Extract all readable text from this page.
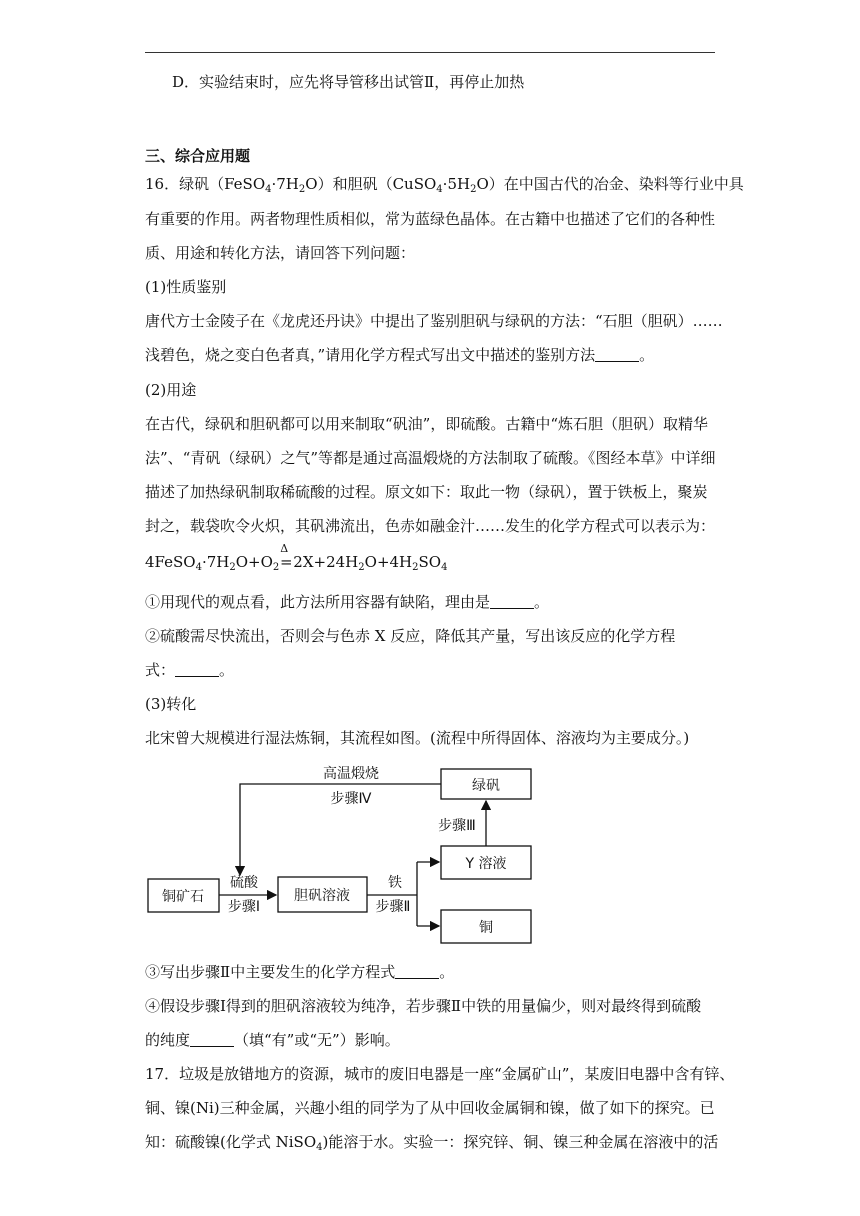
D．实验结束时，应先将导管移出试管Ⅱ，再停止加热
三、综合应用题
16．绿矾$(FeSO_4\cdot 7H_2O)$和胆矾$(CuSO_4\cdot 5H_2O)$在中国古代的冶金、染料等行业中具
有重要的作用。两者物理性质相似，常为蓝绿色晶体。在古籍中也描述了它们的各种性
质、用途和转化方法，请回答下列问题：
(1)性质鉴别
唐代方士金陵子在《龙虎还丹诀》中提出了鉴别胆矾与绿矾的方法：“石胆（胆矾）……
浅碧色，烧之变白色者真，”请用化学方程式写出文中描述的鉴别方法	。
(2)用途
在古代，绿矾和胆矾都可以用来制取“矾油”，即硫酸。古籍中“炼石胆（胆矾）取精华
法”、“青矾（绿矾）之气”等都是通过高温煅烧的方法制取了硫酸。《图经本草》中详细
描述了加热绿矾制取稀硫酸的过程。原文如下：取此一物（绿矾），置于铁板上，聚炭
封之，载袋吹令火炽，其矾沸流出，色赤如融金汁……发生的化学方程式可以表示为：
$4FeSO_4\cdot 7H_2O+O_2$
Δ
$=2X+24H_2O+4H_2SO_4$
①用现代的观点看，此方法所用容器有缺陷，理由是	。
②硫酸需尽快流出，否则会与色赤 X 反应，降低其产量，写出该反应的化学方程
式：	。
(3)转化
北宋曾大规模进行湿法炼铜，其流程如图。(流程中所得固体、溶液均为主要成分。)
铜矿石	胆矾溶液
Y 溶液
铜
绿矾
硫酸
步骤Ⅰ
铁
步骤Ⅱ
步骤Ⅲ
高温煅烧
步骤Ⅳ
③写出步骤Ⅱ中主要发生的化学方程式	。
④假设步骤Ⅰ得到的胆矾溶液较为纯净，若步骤Ⅱ中铁的用量偏少，则对最终得到硫酸
的纯度	（填“有”或“无”）影响。
17．垃圾是放错地方的资源，城市的废旧电器是一座“金属矿山”，某废旧电器中含有锌、
铜、镍(Ni)三种金属，兴趣小组的同学为了从中回收金属铜和镍，做了如下的探究。已
知：硫酸镍(化学式 NiSO$_4$)能溶于水。实验一：探究锌、铜、镍三种金属在溶液中的活
